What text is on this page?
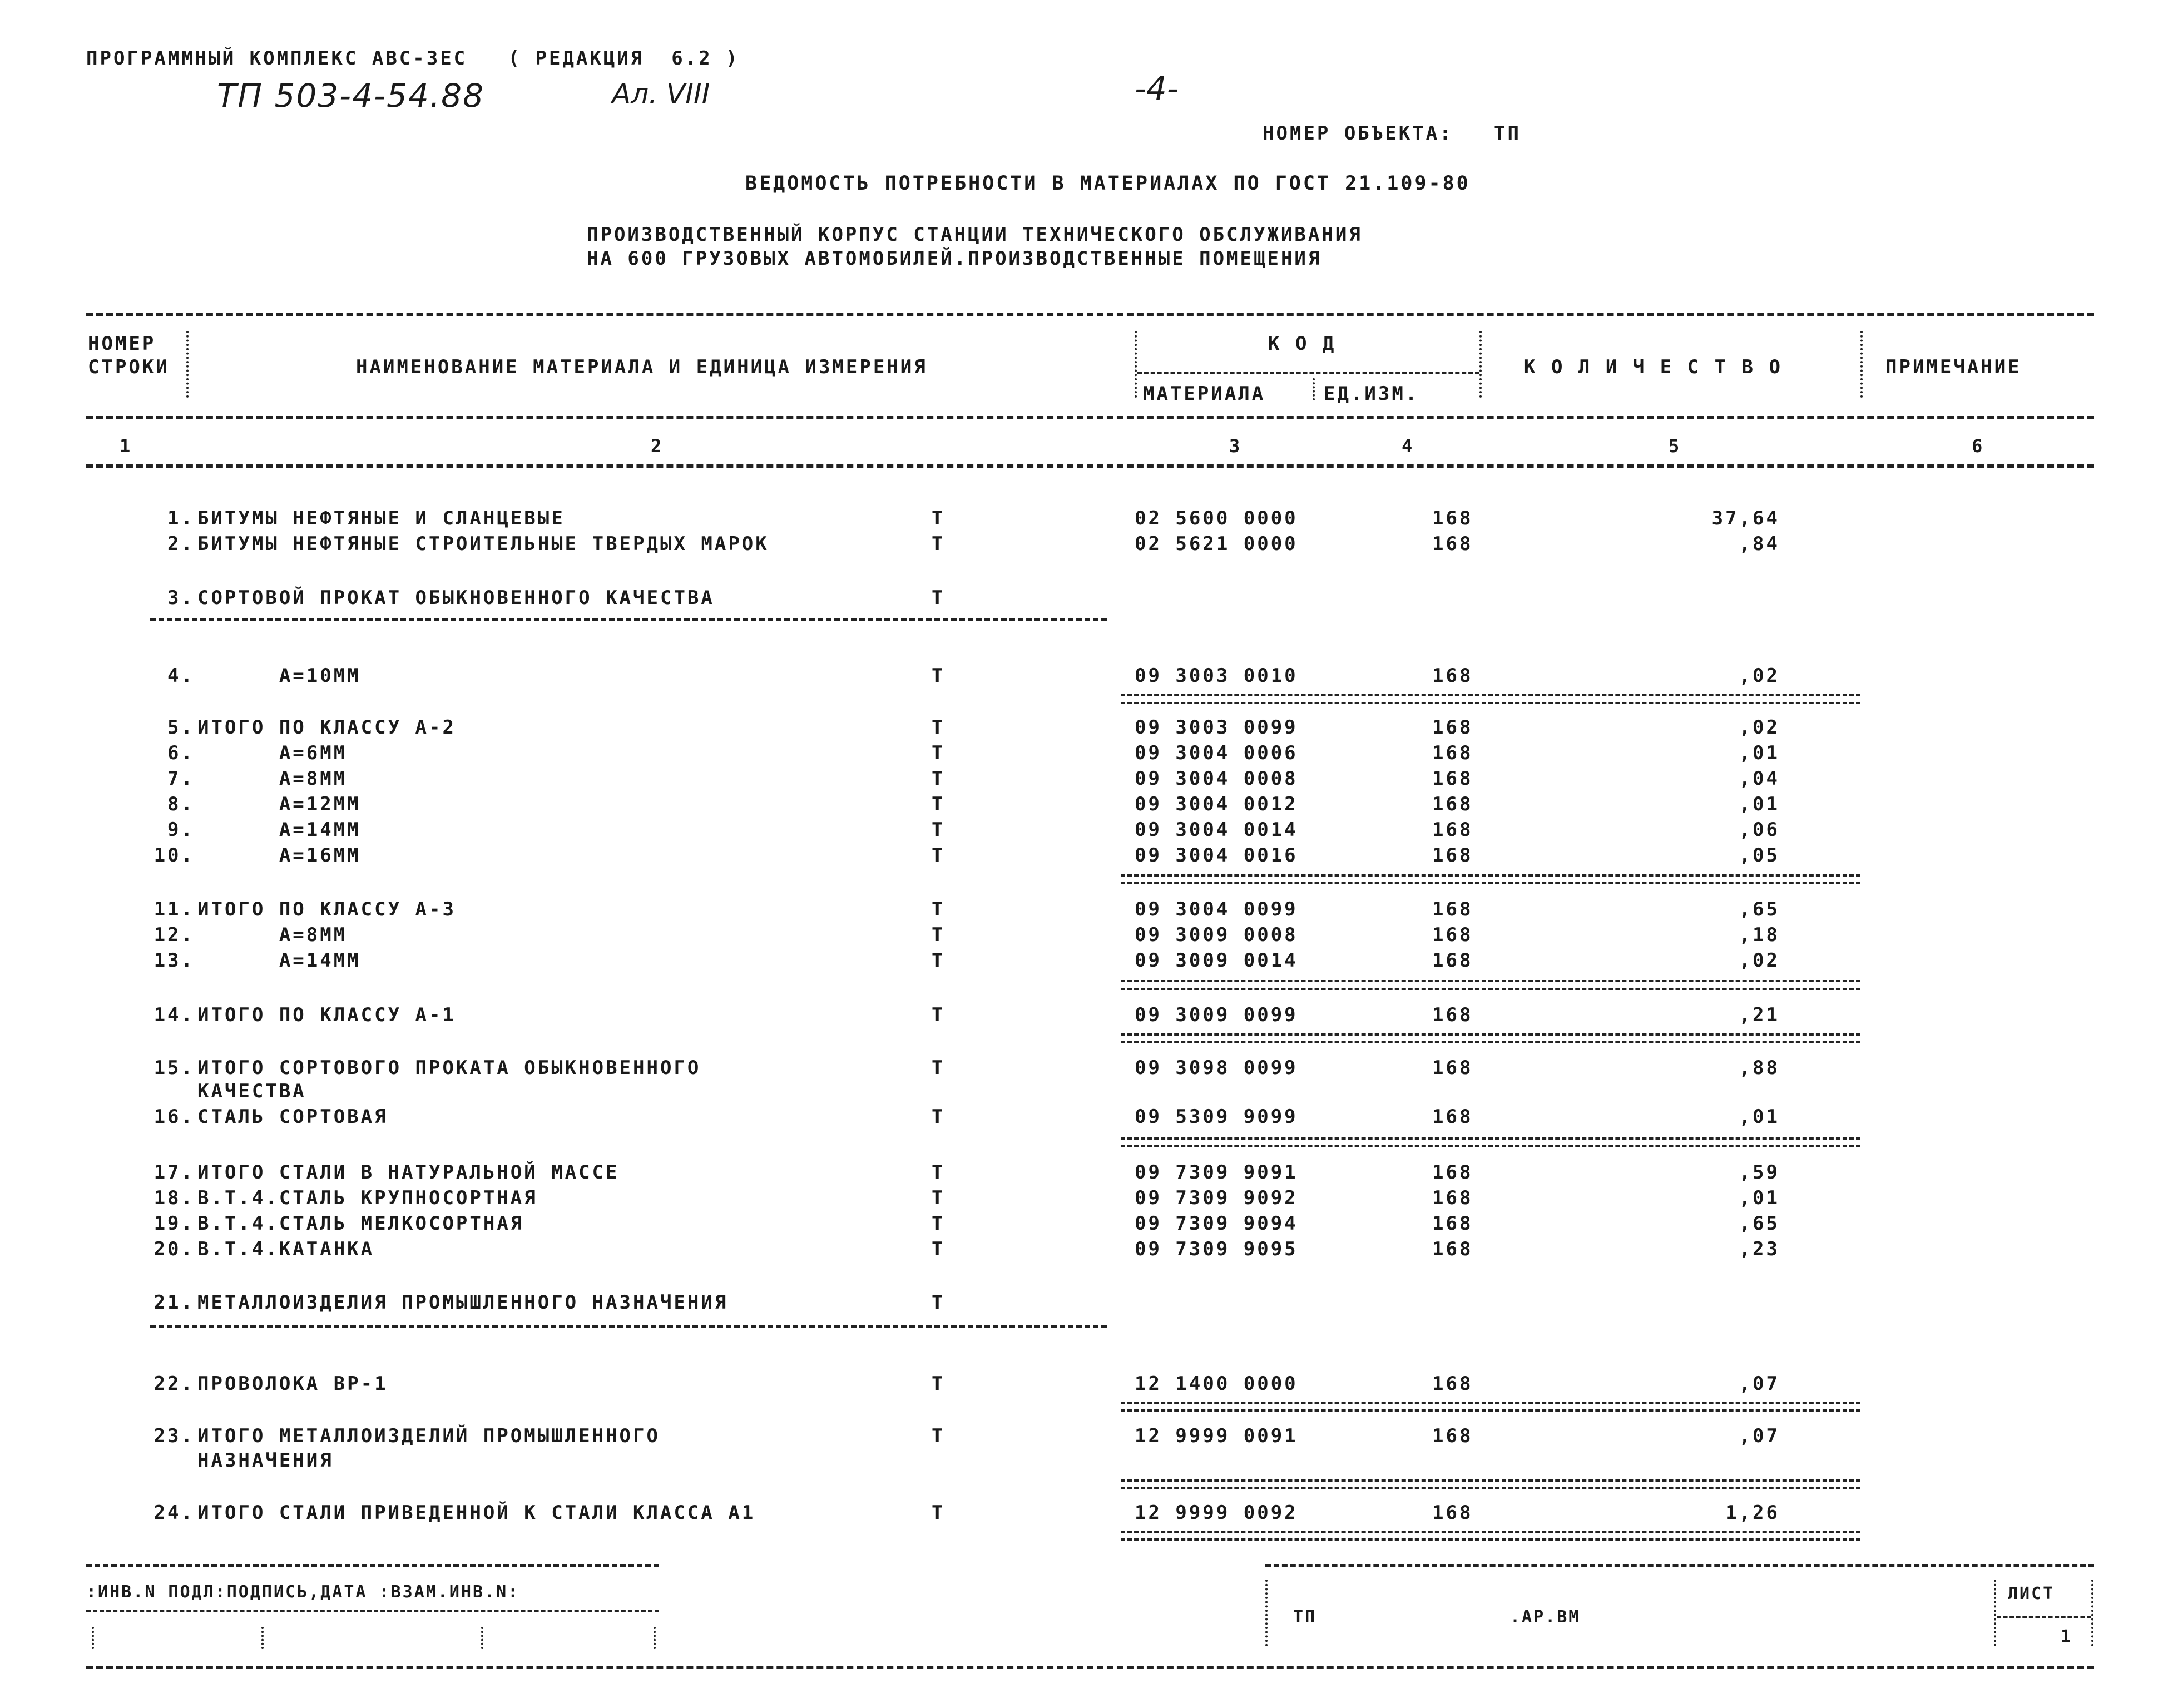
ПРОГРАММНЫЙ КОМПЛЕКС АВС-ЗЕС   ( РЕДАКЦИЯ  6.2 )
ТП 503-4-54.88	Ал. VIII	-4-
НОМЕР ОБЪЕКТА:   ТП
ВЕДОМОСТЬ ПОТРЕБНОСТИ В МАТЕРИАЛАХ ПО ГОСТ 21.109-80
ПРОИЗВОДСТВЕННЫЙ КОРПУС СТАНЦИИ ТЕХНИЧЕСКОГО ОБСЛУЖИВАНИЯ
НА 600 ГРУЗОВЫХ АВТОМОБИЛЕЙ.ПРОИЗВОДСТВЕННЫЕ ПОМЕЩЕНИЯ
НОМЕР
СТРОКИ	НАИМЕНОВАНИЕ МАТЕРИАЛА И ЕДИНИЦА ИЗМЕРЕНИЯ
К О Д
МАТЕРИАЛА	ЕД.ИЗМ.
К О Л И Ч Е С Т В О	ПРИМЕЧАНИЕ
1	2	3	4	5	6
1. БИТУМЫ НЕФТЯНЫЕ И СЛАНЦЕВЫЕ	Т	02 5600 0000	168	37,64
2. БИТУМЫ НЕФТЯНЫЕ СТРОИТЕЛЬНЫЕ ТВЕРДЫХ МАРОК	Т	02 5621 0000	168	,84
3. СОРТОВОЙ ПРОКАТ ОБЫКНОВЕННОГО КАЧЕСТВА	Т
4. А=10ММ	Т	09 3003 0010	168	,02
5. ИТОГО ПО КЛАССУ А-2	Т	09 3003 0099	168	,02
6. А=6ММ	Т	09 3004 0006	168	,01
7. А=8ММ	Т	09 3004 0008	168	,04
8. А=12ММ	Т	09 3004 0012	168	,01
9. А=14ММ	Т	09 3004 0014	168	,06
10. А=16ММ	Т	09 3004 0016	168	,05
11. ИТОГО ПО КЛАССУ А-3	Т	09 3004 0099	168	,65
12. А=8ММ	Т	09 3009 0008	168	,18
13. А=14ММ	Т	09 3009 0014	168	,02
14. ИТОГО ПО КЛАССУ А-1	Т	09 3009 0099	168	,21
15. ИТОГО СОРТОВОГО ПРОКАТА ОБЫКНОВЕННОГО	Т	09 3098 0099	168	,88
КАЧЕСТВА
16. СТАЛЬ СОРТОВАЯ	Т	09 5309 9099	168	,01
17. ИТОГО СТАЛИ В НАТУРАЛЬНОЙ МАССЕ	Т	09 7309 9091	168	,59
18. В.Т.4.СТАЛЬ КРУПНОСОРТНАЯ	Т	09 7309 9092	168	,01
19. В.Т.4.СТАЛЬ МЕЛКОСОРТНАЯ	Т	09 7309 9094	168	,65
20. В.Т.4.КАТАНКА	Т	09 7309 9095	168	,23
21. МЕТАЛЛОИЗДЕЛИЯ ПРОМЫШЛЕННОГО НАЗНАЧЕНИЯ	Т
22. ПРОВОЛОКА ВР-1	Т	12 1400 0000	168	,07
23. ИТОГО МЕТАЛЛОИЗДЕЛИЙ ПРОМЫШЛЕННОГО	Т	12 9999 0091	168	,07
НАЗНАЧЕНИЯ
24. ИТОГО СТАЛИ ПРИВЕДЕННОЙ К СТАЛИ КЛАССА А1	Т	12 9999 0092	168	1,26
:ИНВ.N ПОДЛ:ПОДПИСЬ,ДАТА :ВЗАМ.ИНВ.N:
ТП	.АР.ВМ
ЛИСТ
1
